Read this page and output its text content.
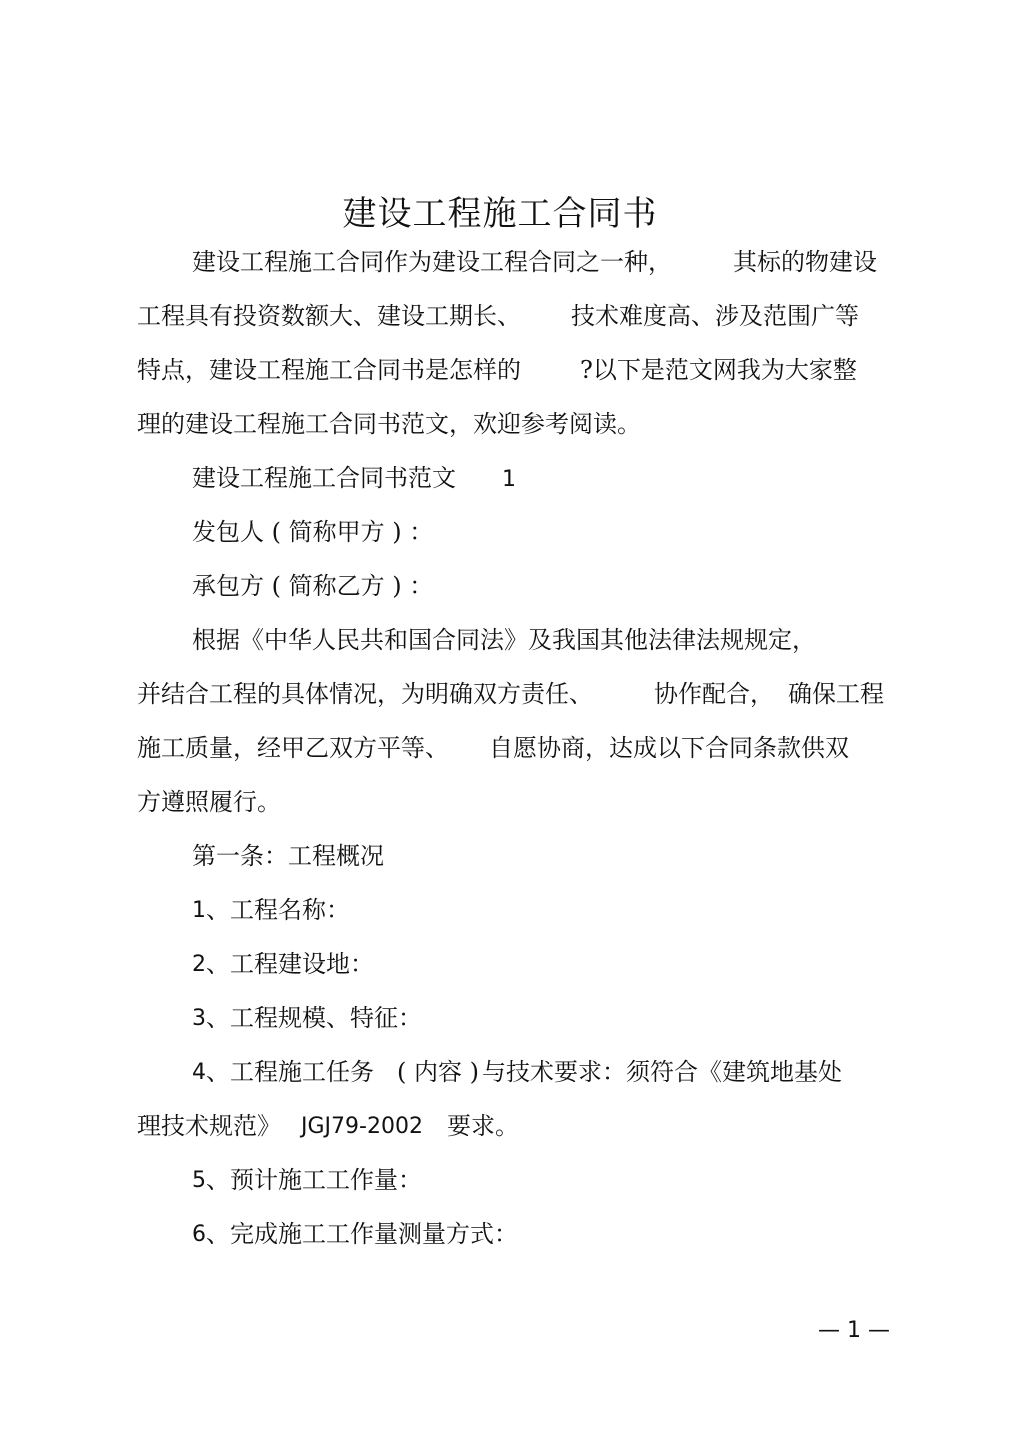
建设工程施工合同书
建设工程施工合同作为建设工程合同之一种，	其标的物建设
工程具有投资数额大、建设工期长、 技术难度高、涉及范围广等
特点，建设工程施工合同书是怎样的 ?以下是范文网我为大家整
理的建设工程施工合同书范文，欢迎参考阅读。
建设工程施工合同书范文 1
发包人 ( 简称甲方 ) ：
承包方 ( 简称乙方 ) ：
根据《中华人民共和国合同法》及我国其他法律法规规定，
并结合工程的具体情况，为明确双方责任、	协作配合， 确保工程
施工质量，经甲乙双方平等、 自愿协商，达成以下合同条款供双
方遵照履行。
第一条：工程概况
1 、工程名称：
2 、工程建设地：
3 、工程规模、特征：
4 、工程施工任务 ( 内容 ) 与技术要求：须符合《建筑地基处
理技术规范》 JGJ79-2002 要求。
5 、预计施工工作量：
6 、完成施工工作量测量方式：
— 1 —
